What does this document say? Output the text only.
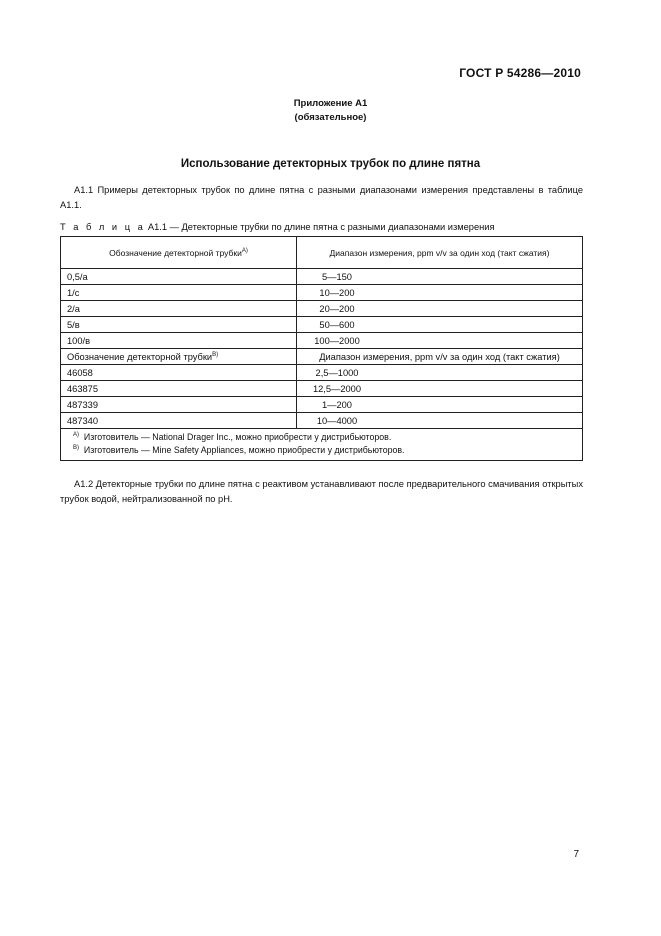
ГОСТ Р 54286—2010
Приложение А1
(обязательное)
Использование детекторных трубок по длине пятна
А1.1 Примеры детекторных трубок по длине пятна с разными диапазонами измерения представлены в таблице А1.1.
Т а б л и ц а А1.1 — Детекторные трубки по длине пятна с разными диапазонами измерения
Обозначение детекторной трубки$^{А)}$	Диапазон измерения, ppm v/v за один ход (такт сжатия)
0,5/а	5—150
1/с	10—200
2/а	20—200
5/в	50—600
100/в	100—2000
Обозначение детекторной трубки$^{В)}$	Диапазон измерения, ppm v/v за один ход (такт сжатия)
46058	2,5—1000
463875	12,5—2000
487339	1—200
487340	10—4000

$^{А)}$ Изготовитель — National Drager Inc., можно приобрести у дистрибьюторов.
$^{В)}$ Изготовитель — Mine Safety Appliances, можно приобрести у дистрибьюторов.	
А1.2 Детекторные трубки по длине пятна с реактивом устанавливают после предварительного смачивания открытых трубок водой, нейтрализованной по рН.
7
